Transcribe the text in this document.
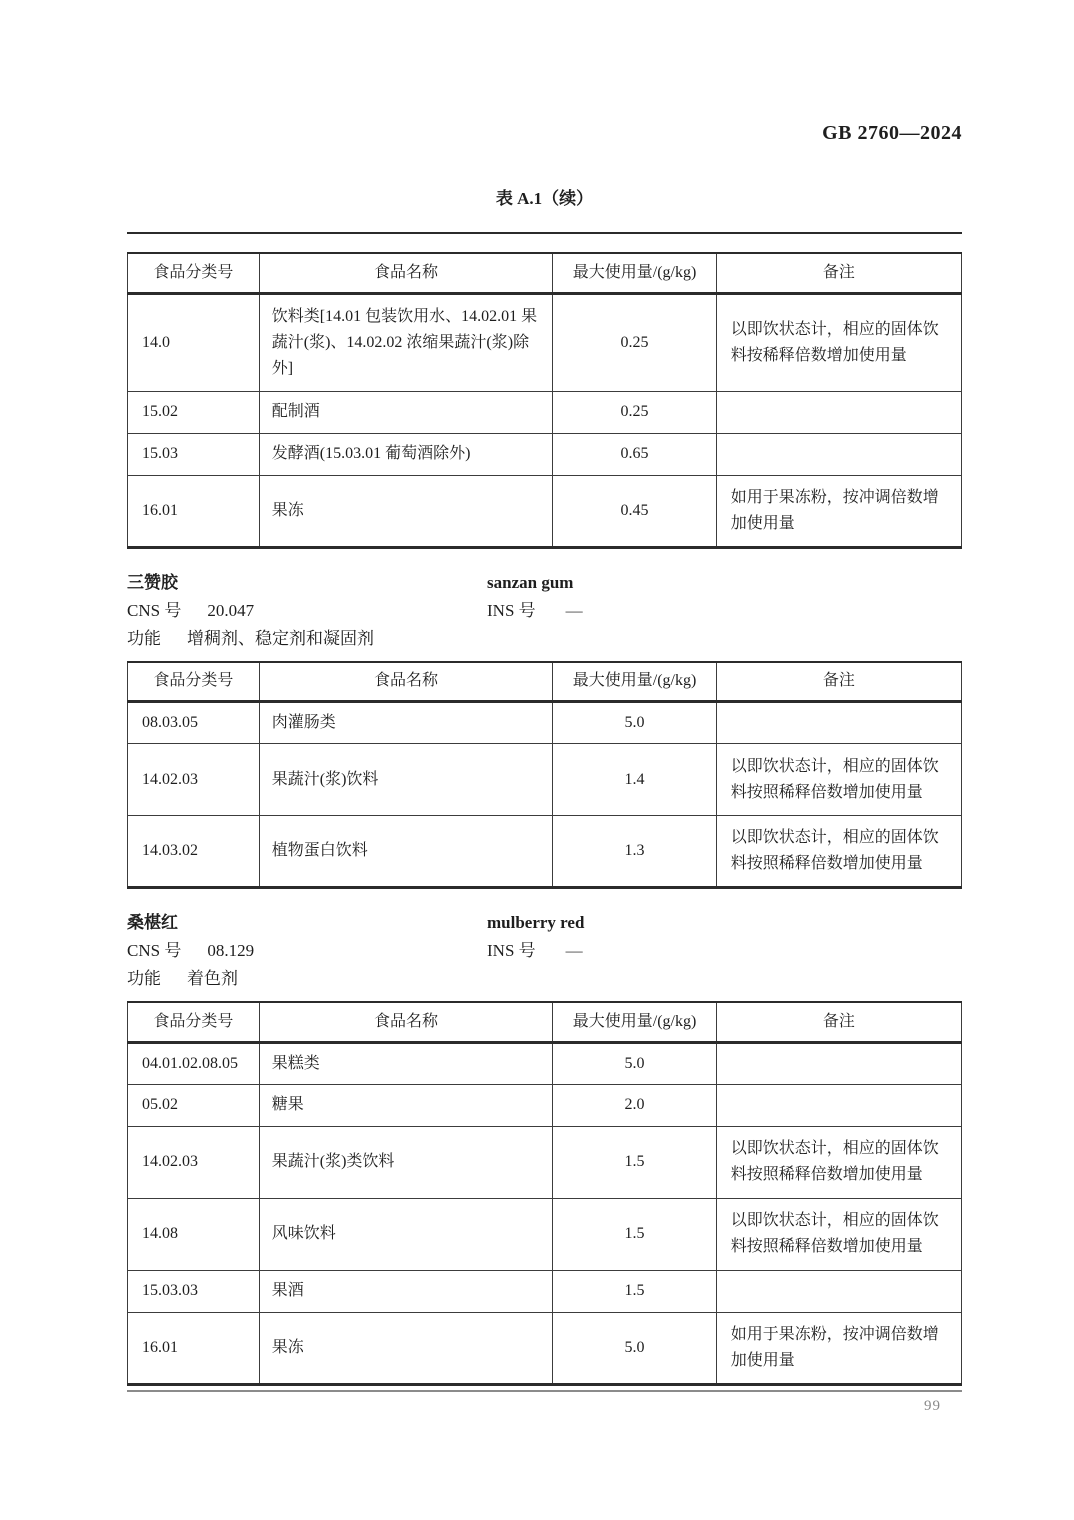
GB 2760—2024
表 A.1（续）
食品分类号	食品名称	最大使用量/(g/kg)	备注
14.0	饮料类[14.01 包装饮用水、14.02.01 果蔬汁(浆)、14.02.02 浓缩果蔬汁(浆)除外]	0.25	以即饮状态计，相应的固体饮料按稀释倍数增加使用量
15.02	配制酒	0.25	
15.03	发酵酒(15.03.01 葡萄酒除外)	0.65	
16.01	果冻	0.45	如用于果冻粉，按冲调倍数增加使用量
三赞胶	sanzan gum
CNS 号 20.047	INS 号 —
功能 增稠剂、稳定剂和凝固剂
食品分类号	食品名称	最大使用量/(g/kg)	备注
08.03.05	肉灌肠类	5.0	
14.02.03	果蔬汁(浆)饮料	1.4	以即饮状态计，相应的固体饮料按照稀释倍数增加使用量
14.03.02	植物蛋白饮料	1.3	以即饮状态计，相应的固体饮料按照稀释倍数增加使用量
桑椹红	mulberry red
CNS 号 08.129	INS 号 —
功能 着色剂
食品分类号	食品名称	最大使用量/(g/kg)	备注
04.01.02.08.05	果糕类	5.0	
05.02	糖果	2.0	
14.02.03	果蔬汁(浆)类饮料	1.5	以即饮状态计，相应的固体饮料按照稀释倍数增加使用量
14.08	风味饮料	1.5	以即饮状态计，相应的固体饮料按照稀释倍数增加使用量
15.03.03	果酒	1.5	
16.01	果冻	5.0	如用于果冻粉，按冲调倍数增加使用量
99
